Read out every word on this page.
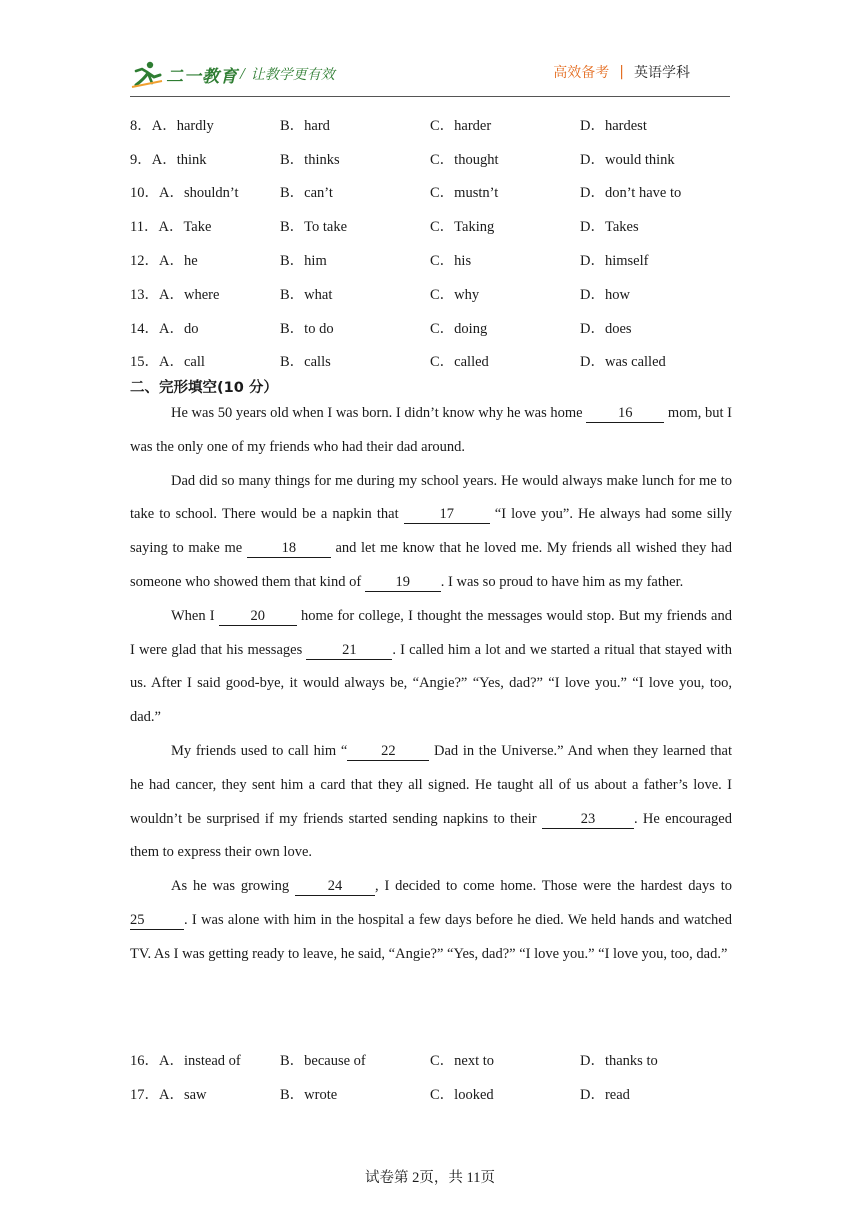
二一教育 / 让教学更有效	高效备考 | 英语学科
8．A．hardly	B．hard	C．harder	D．hardest
9．A．think	B．thinks	C．thought	D．would think
10．A．shouldn’t	B．can’t	C．mustn’t	D．don’t have to
11．A．Take	B．To take	C．Taking	D．Takes
12．A．he	B．him	C．his	D．himself
13．A．where	B．what	C．why	D．how
14．A．do	B．to do	C．doing	D．does
15．A．call	B．calls	C．called	D．was called
二、完形填空(10 分）

He was 50 years old when I was born. I didn’t know why he was home 16 mom, but I was the only one of my friends who had their dad around.

Dad did so many things for me during my school years. He would always make lunch for me to take to school. There would be a napkin that 17 “I love you”. He always had some silly saying to make me 18 and let me know that he loved me. My friends all wished they had someone who showed them that kind of 19 . I was so proud to have him as my father.

When I 20 home for college, I thought the messages would stop. But my friends and I were glad that his messages 21 . I called him a lot and we started a ritual that stayed with us. After I said good-bye, it would always be, “Angie?” “Yes, dad?” “I love you.” “I love you, too, dad.”

My friends used to call him “ 22 Dad in the Universe.” And when they learned that he had cancer, they sent him a card that they all signed. He taught all of us about a father’s love. I wouldn’t be surprised if my friends started sending napkins to their	23	. He encouraged them to express their own love.

As he was growing 24 , I decided to come home. Those were the hardest days to 25	. I was alone with him in the hospital a few days before he died. We held hands and watched TV. As I was getting ready to leave, he said, “Angie?” “Yes, dad?” “I love you.” “I love you, too, dad.”

16．A．instead of	B．because of	C．next to	D．thanks to
17．A．saw	B．wrote	C．looked	D．read
试卷第 2页，共 11页
